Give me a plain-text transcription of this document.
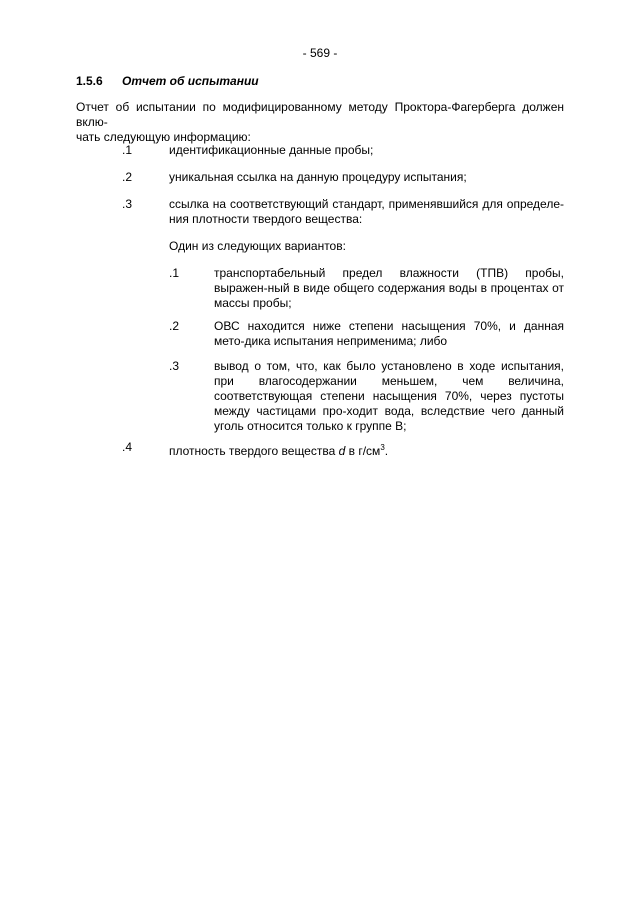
- 569 -
1.5.6 Отчет об испытании
Отчет об испытании по модифицированному методу Проктора-Фагерберга должен вклю-
чать следующую информацию:
.1	идентификационные данные пробы;

.2	уникальная ссылка на данную процедуру испытания;

.3	ссылка на соответствующий стандарт, применявшийся для определе-
ния плотности твердого вещества:

Один из следующих вариантов:

.1	транспортабельный предел влажности (ТПВ) пробы, выражен-ный в виде общего содержания воды в процентах от массы пробы;

.2	ОВС находится ниже степени насыщения 70%, и данная мето-дика испытания неприменима; либо

.3	вывод о том, что, как было установлено в ходе испытания, при влагосодержании меньшем, чем величина, соответствующая степени насыщения 70%, через пустоты между частицами про-ходит вода, вследствие чего данный уголь относится только к группе В;

.4	плотность твердого вещества d в $г/см^3$.
